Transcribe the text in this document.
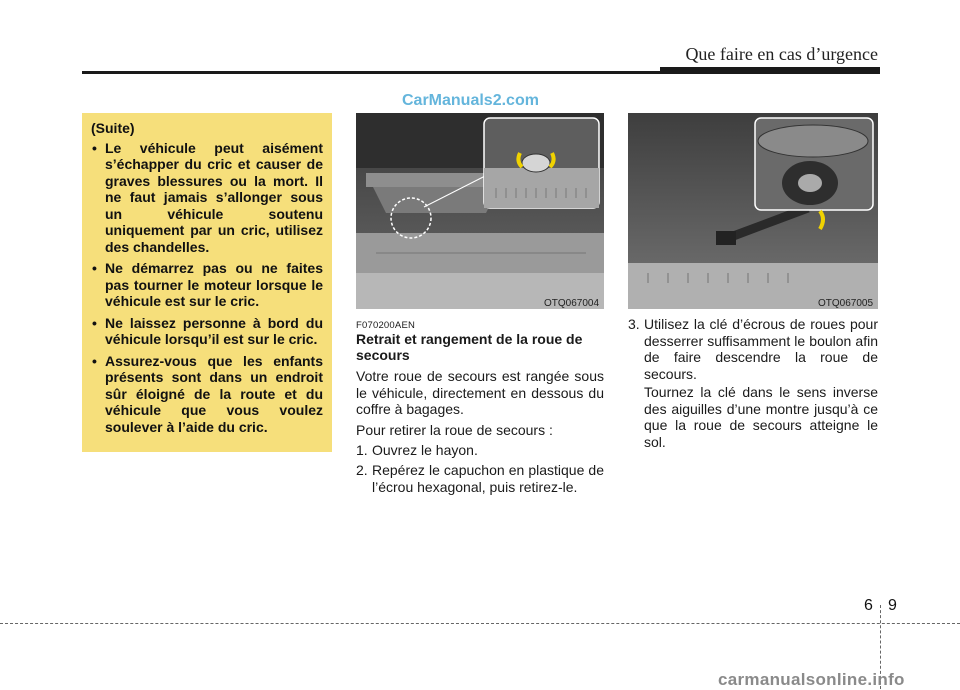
Que faire en cas d’urgence
CarManuals2.com

(Suite)

• Le véhicule peut aisément s’échapper du cric et causer de graves blessures ou la mort. Il ne faut jamais s’allonger sous un véhicule soutenu uniquement par un cric, utilisez des chandelles.
• Ne démarrez pas ou ne faites pas tourner le moteur lorsque le véhicule est sur le cric.
• Ne laissez personne à bord du véhicule lorsqu’il est sur le cric.
• Assurez-vous que les enfants présents sont dans un endroit sûr éloigné de la route et du véhicule que vous voulez soulever à l’aide du cric.
OTQ067004	OTQ067005
F070200AEN
Retrait et rangement de la roue de secours

Votre roue de secours est rangée sous le véhicule, directement en dessous du coffre à bagages.

Pour retirer la roue de secours :

1. Ouvrez le hayon.
2. Repérez le capuchon en plastique de l’écrou hexagonal, puis retirez-le.
3. Utilisez la clé d’écrous de roues pour desserrer suffisamment le boulon afin de faire descendre la roue de secours.

Tournez la clé dans le sens inverse des aiguilles d’une montre jusqu’à ce que la roue de secours atteigne le sol.

6 9
carmanualsonline.info
